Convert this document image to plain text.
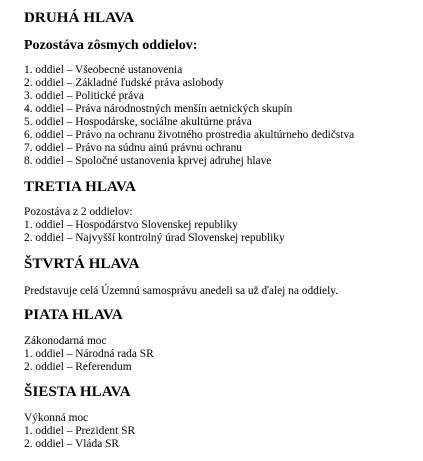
DRUHÁ HLAVA
Pozostáva zôsmych oddielov:
1. oddiel – Všeobecné ustanovenia
2. oddiel – Základné ľudské práva aslobody
3. oddiel – Politické práva
4. oddiel – Práva národnostných menšín aetnických skupín
5. oddiel – Hospodárske, sociálne akultúrne práva
6. oddiel – Právo na ochranu životného prostredia akultúrneho dedičstva
7. oddiel – Právo na súdnu ainú právnu ochranu
8. oddiel – Spoločné ustanovenia kprvej adruhej hlave
TRETIA HLAVA
Pozostáva z 2 oddielov:
1. oddiel – Hospodárstvo Slovenskej republiky
2. oddiel – Najvyšší kontrolný úrad Slovenskej republiky
ŠTVRTÁ HLAVA
Predstavuje celá Územnú samosprávu anedeli sa už ďalej na oddiely.
PIATA HLAVA
Zákonodarná moc
1. oddiel – Národná rada SR
2. oddiel – Referendum
ŠIESTA HLAVA
Výkonná moc
1. oddiel – Prezident SR
2. oddiel – Vláda SR
